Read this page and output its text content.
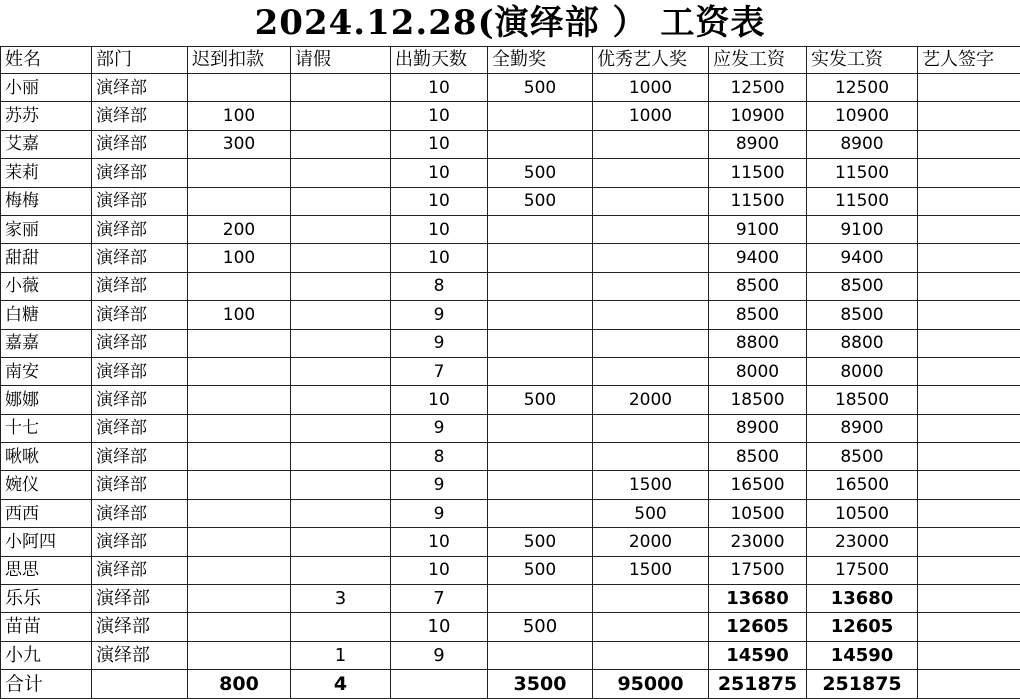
2024.12.28(演绎部 ） 工资表
姓名	部门	迟到扣款	请假	出勤天数	全勤奖	优秀艺人奖	应发工资	实发工资	艺人签字
小丽	演绎部			10	500	1000	12500	12500	
苏苏	演绎部	100		10		1000	10900	10900	
艾嘉	演绎部	300		10			8900	8900	
茉莉	演绎部			10	500		11500	11500	
梅梅	演绎部			10	500		11500	11500	
家丽	演绎部	200		10			9100	9100	
甜甜	演绎部	100		10			9400	9400	
小薇	演绎部			8			8500	8500	
白糖	演绎部	100		9			8500	8500	
嘉嘉	演绎部			9			8800	8800	
南安	演绎部			7			8000	8000	
娜娜	演绎部			10	500	2000	18500	18500	
十七	演绎部			9			8900	8900	
啾啾	演绎部			8			8500	8500	
婉仪	演绎部			9		1500	16500	16500	
西西	演绎部			9		500	10500	10500	
小阿四	演绎部			10	500	2000	23000	23000	
思思	演绎部			10	500	1500	17500	17500	
乐乐	演绎部		3	7			13680	13680	
苗苗	演绎部			10	500		12605	12605	
小九	演绎部		1	9			14590	14590	
合计		800	4		3500	95000	251875	251875	
